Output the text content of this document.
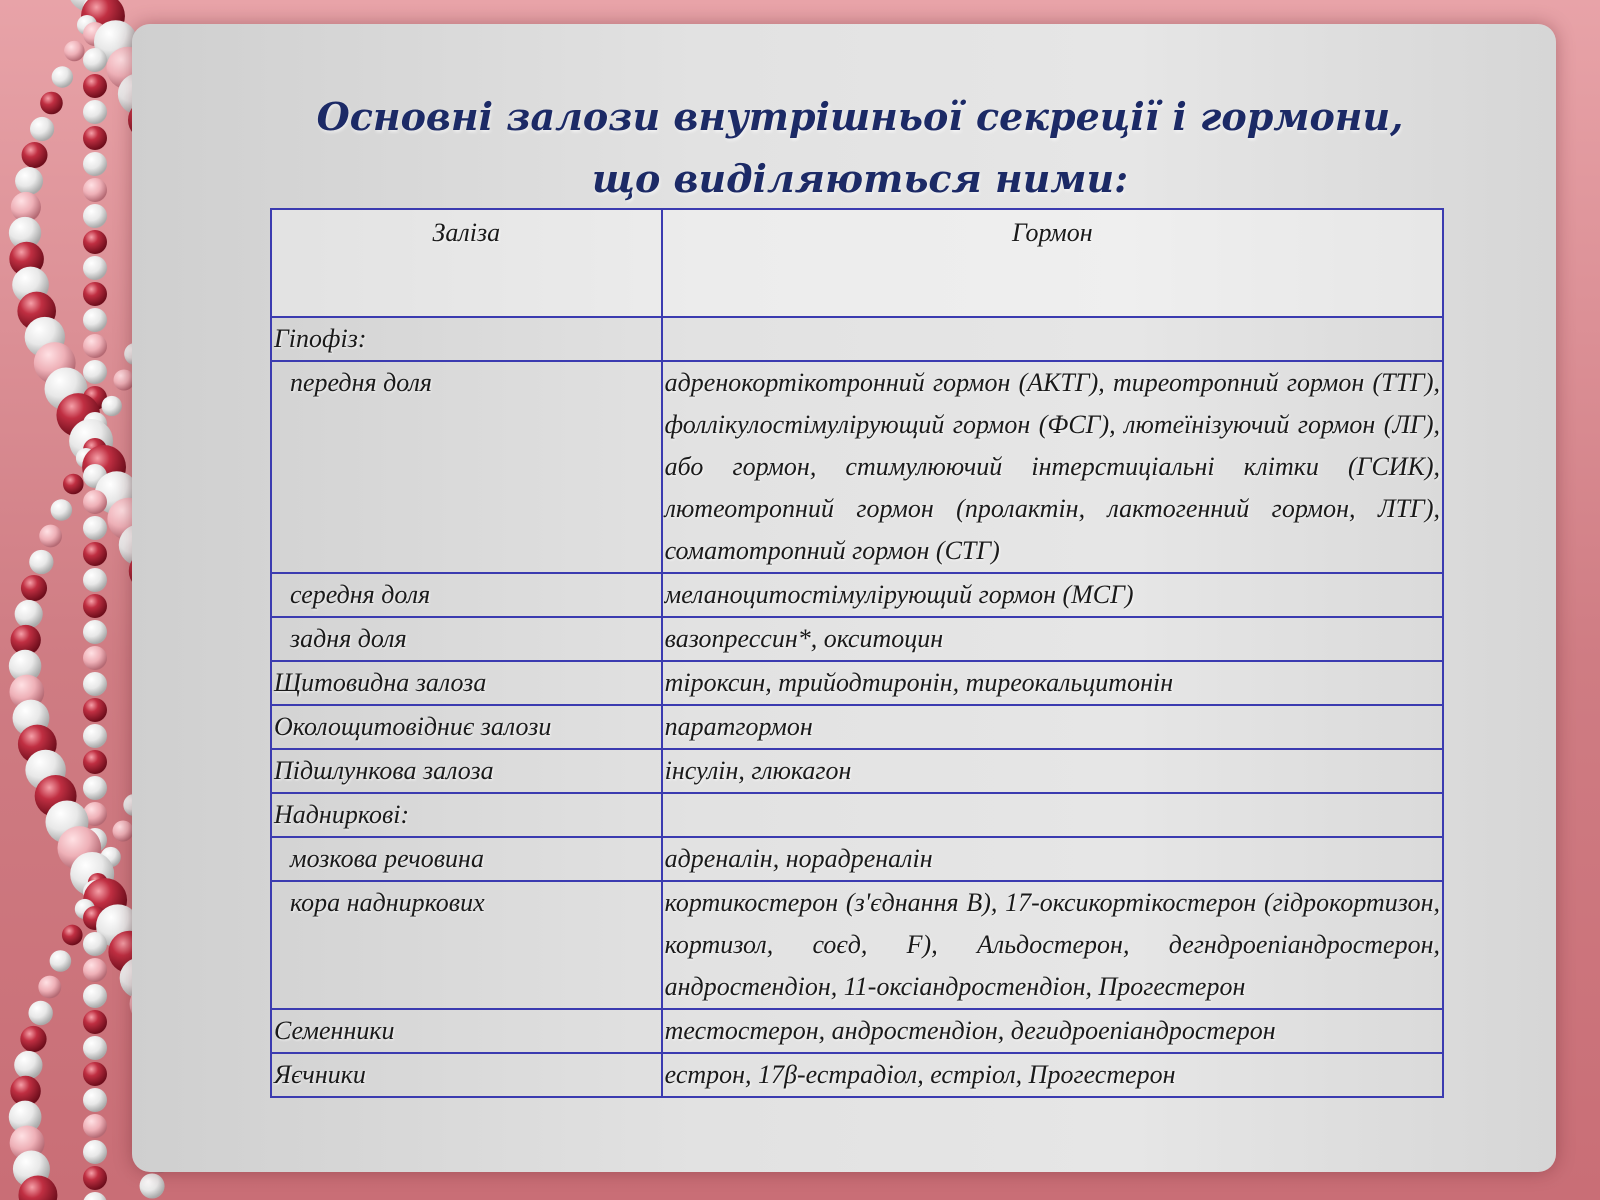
Основні залози внутрішньої секреції і гормони, що виділяються ними:
Заліза	Гормон
Гіпофіз:	
передня доля	адренокортікотронний гормон (АКТГ), тиреотропний гормон (ТТГ), фоллікулостімулірующий гормон (ФСГ), лютеїнізуючий гормон (ЛГ), або гормон, стимулюючий інтерстиціальні клітки (ГСИК), лютеотропний гормон (пролактін, лактогенний гормон, ЛТГ), соматотропний гормон (СТГ)
середня доля	меланоцитостімулірующий гормон (МСГ)
задня доля	вазопрессин*, окситоцин
Щитовидна залоза	тіроксин, трийодтиронін, тиреокальцитонін
Околощитовідниє залози	паратгормон
Підшлункова залоза	інсулін, глюкагон
Надниркові:	
мозкова речовина	адреналін, норадреналін
кора надниркових	кортикостерон (з'єднання В), 17-оксикортікостерон (гідрокортизон, кортизол, соєд, F), Альдостерон, дегндроепіандростерон, андростендіон, 11-оксіандростендіон, Прогестерон
Семенники	тестостерон, андростендіон, дегидроепіандростерон
Яєчники	естрон, 17β-естрадіол, естріол, Прогестерон
